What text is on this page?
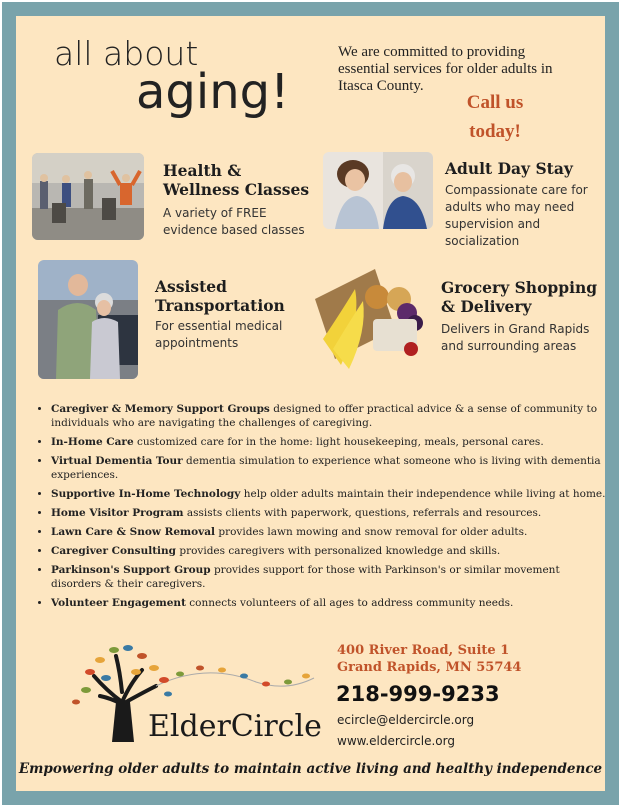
all about
aging!
We are committed to providing essential services for older adults in Itasca County.
Call us
today!
Health & Wellness Classes
A variety of FREE evidence based classes
Adult Day Stay
Compassionate care for adults who may need supervision and socialization
Assisted Transportation
For essential medical appointments
Grocery Shopping & Delivery
Delivers in Grand Rapids and surrounding areas
• Caregiver & Memory Support Groups designed to offer practical advice & a sense of community to individuals who are navigating the challenges of caregiving.
• In-Home Care customized care for in the home: light housekeeping, meals, personal cares.
• Virtual Dementia Tour dementia simulation to experience what someone who is living with dementia experiences.
• Supportive In-Home Technology help older adults maintain their independence while living at home.
• Home Visitor Program assists clients with paperwork, questions, referrals and resources.
• Lawn Care & Snow Removal provides lawn mowing and snow removal for older adults.
• Caregiver Consulting provides caregivers with personalized knowledge and skills.
• Parkinson's Support Group provides support for those with Parkinson's or similar movement disorders & their caregivers.
• Volunteer Engagement connects volunteers of all ages to address community needs.
ElderCircle
400 River Road, Suite 1
Grand Rapids, MN 55744
218-999-9233
ecircle@eldercircle.org
www.eldercircle.org
Empowering older adults to maintain active living and healthy independence
